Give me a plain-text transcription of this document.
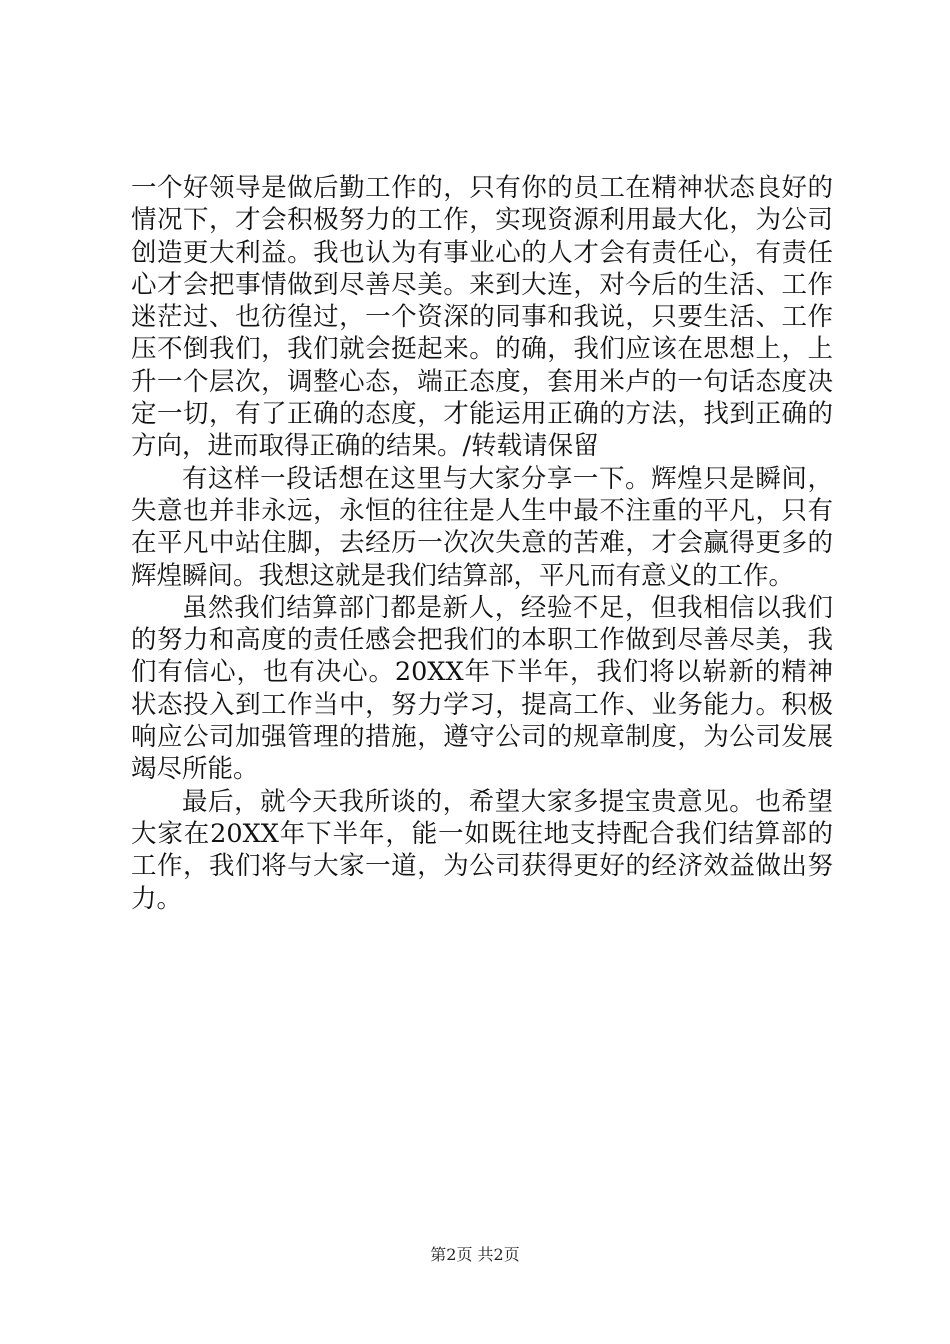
一个好领导是做后勤工作的，只有你的员工在精神状态良好的情况下，才会积极努力的工作，实现资源利用最大化，为公司创造更大利益。我也认为有事业心的人才会有责任心，有责任心才会把事情做到尽善尽美。来到大连，对今后的生活、工作迷茫过、也彷徨过，一个资深的同事和我说，只要生活、工作压不倒我们，我们就会挺起来。的确，我们应该在思想上，上升一个层次，调整心态，端正态度，套用米卢的一句话态度决定一切，有了正确的态度，才能运用正确的方法，找到正确的方向，进而取得正确的结果。/转载请保留

有这样一段话想在这里与大家分享一下。辉煌只是瞬间，失意也并非永远，永恒的往往是人生中最不注重的平凡，只有在平凡中站住脚，去经历一次次失意的苦难，才会赢得更多的辉煌瞬间。我想这就是我们结算部，平凡而有意义的工作。

虽然我们结算部门都是新人，经验不足，但我相信以我们的努力和高度的责任感会把我们的本职工作做到尽善尽美，我们有信心，也有决心。20XX年下半年，我们将以崭新的精神状态投入到工作当中，努力学习，提高工作、业务能力。积极响应公司加强管理的措施，遵守公司的规章制度，为公司发展竭尽所能。

最后，就今天我所谈的，希望大家多提宝贵意见。也希望大家在20XX年下半年，能一如既往地支持配合我们结算部的工作，我们将与大家一道，为公司获得更好的经济效益做出努力。

第2页 共2页
